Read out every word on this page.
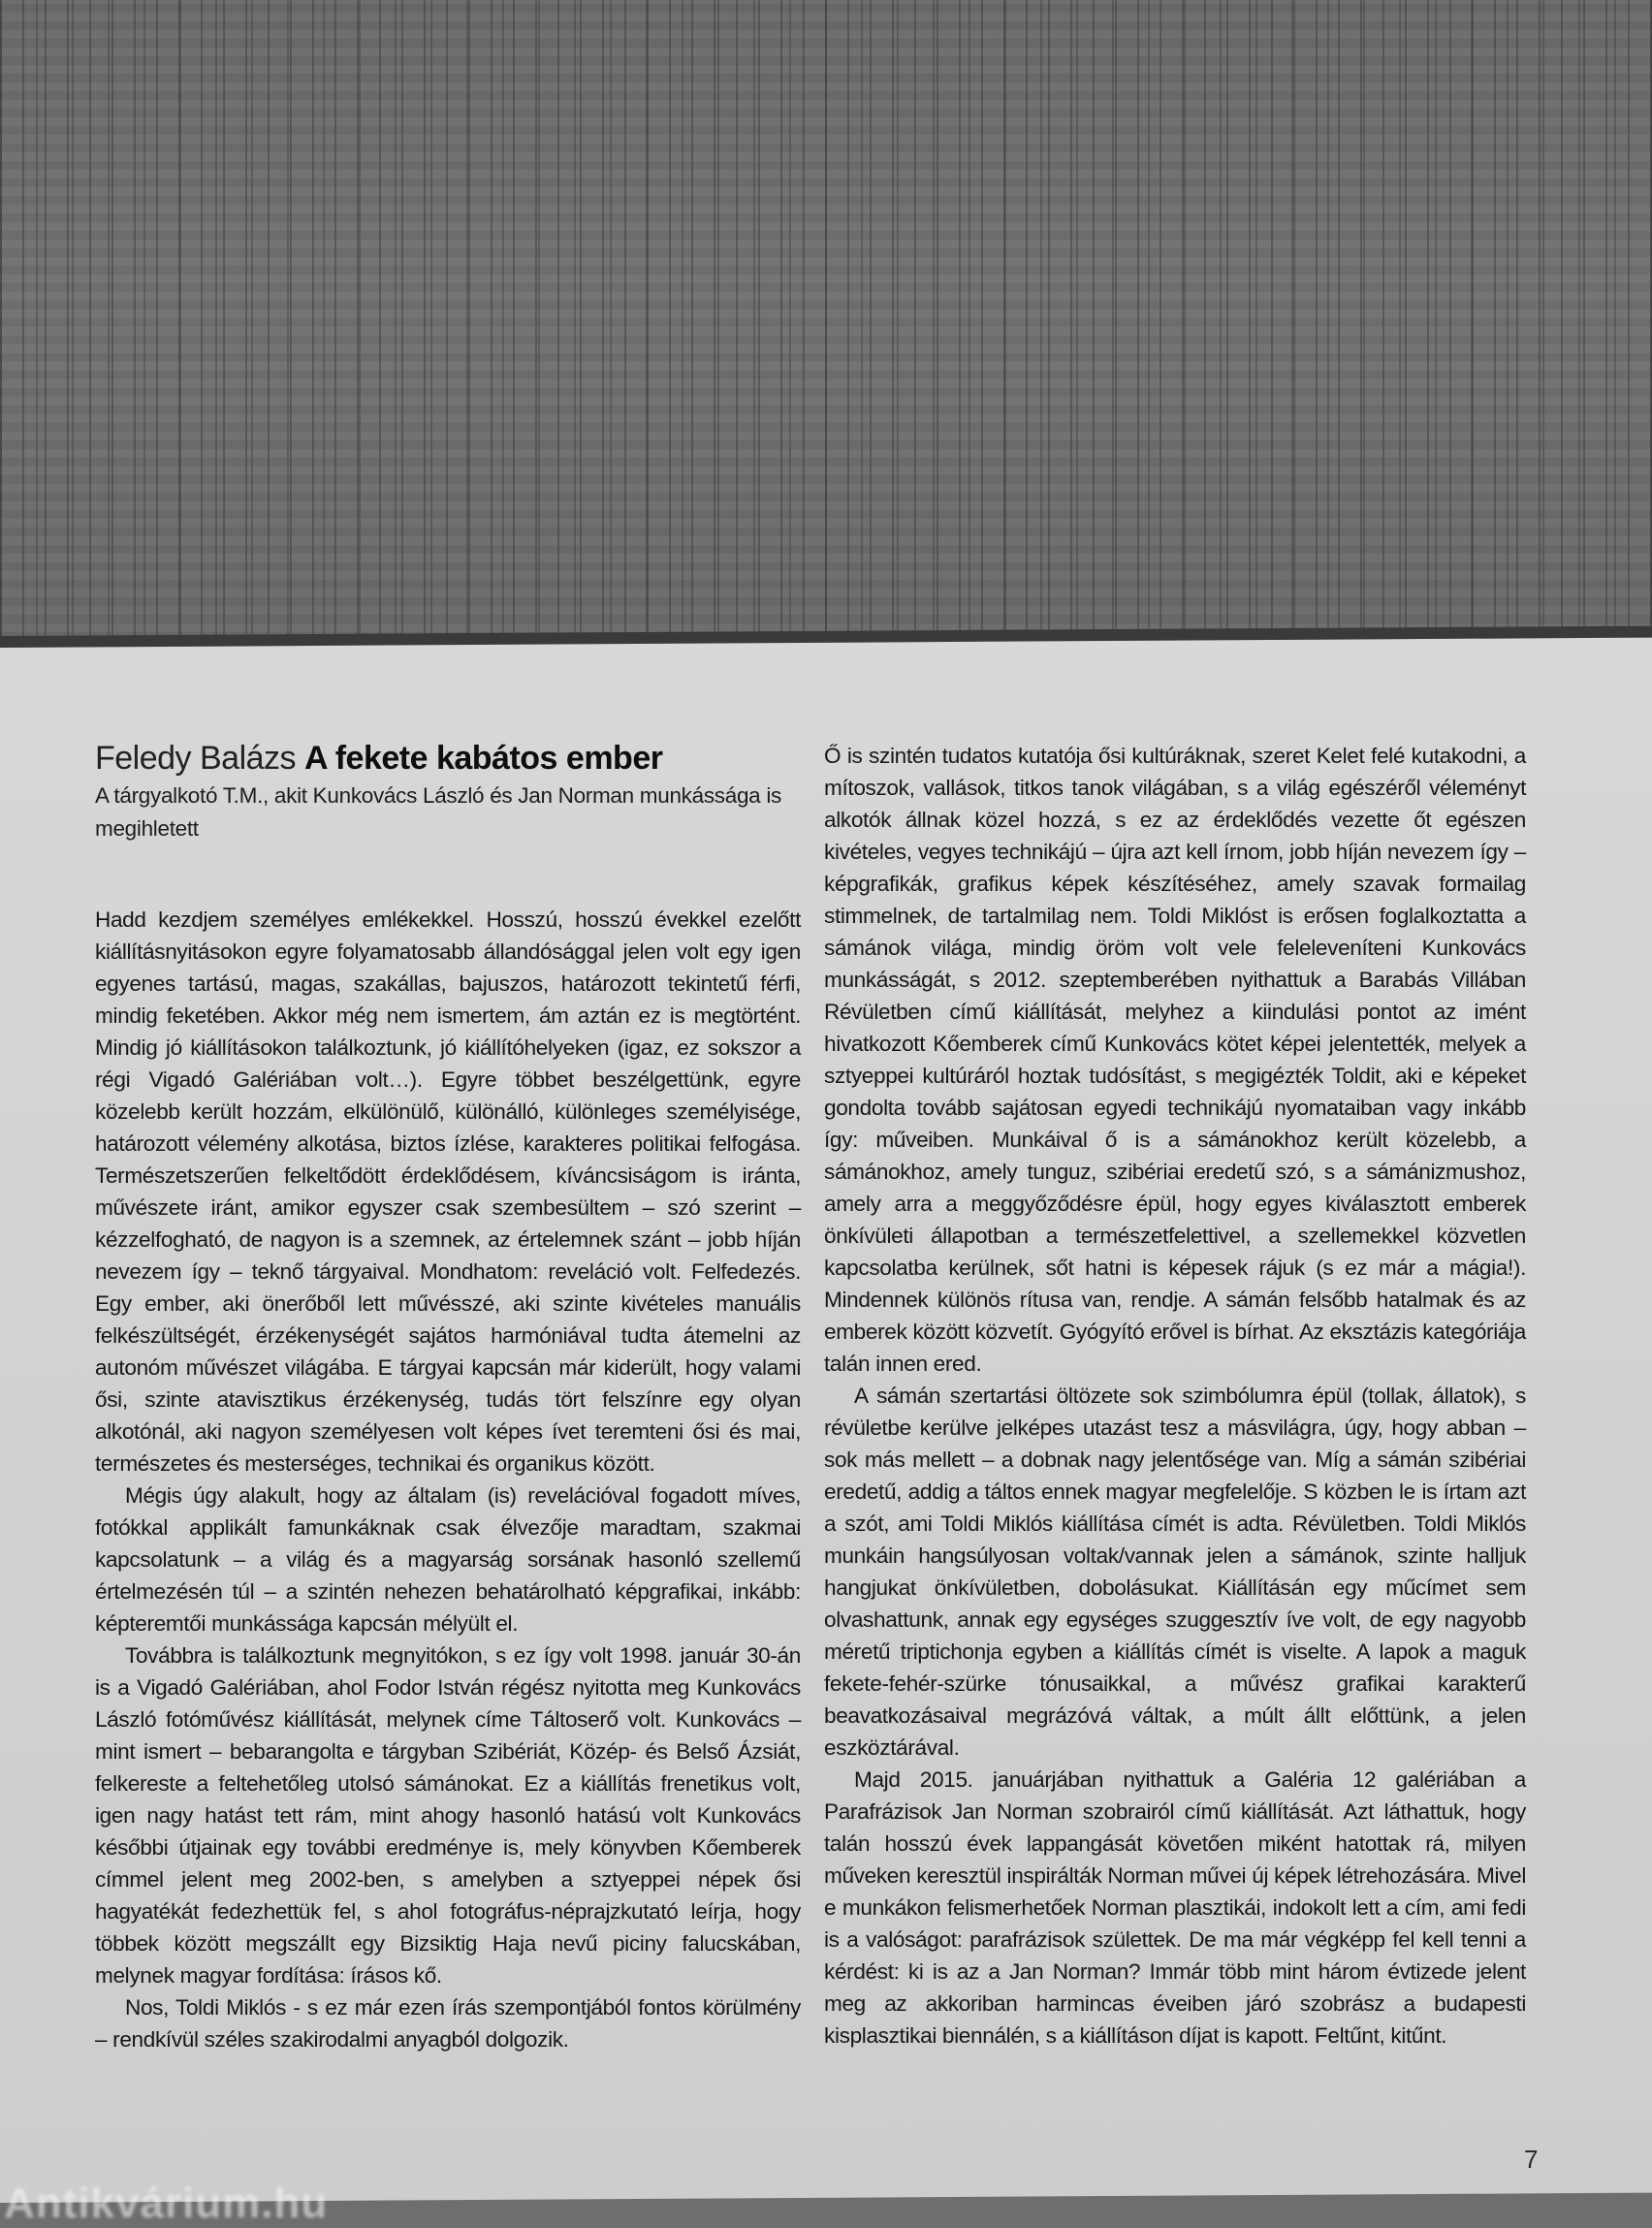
Feledy Balázs A fekete kabátos ember
A tárgyalkotó T.M., akit Kunkovács László és Jan Norman munkássága is megihletett

Hadd kezdjem személyes emlékekkel. Hosszú, hosszú évekkel ezelőtt kiállításnyitásokon egyre folyamatosabb állandósággal jelen volt egy igen egyenes tartású, magas, szakállas, bajuszos, határozott tekintetű férfi, mindig feketében. Akkor még nem ismertem, ám aztán ez is megtörtént. Mindig jó kiállításokon találkoztunk, jó kiállítóhelyeken (igaz, ez sokszor a régi Vigadó Galériában volt…). Egyre többet beszélgettünk, egyre közelebb került hozzám, elkülönülő, különálló, különleges személyisége, határozott vélemény alkotása, biztos ízlése, karakteres politikai felfogása. Természetszerűen felkeltődött érdeklődésem, kíváncsiságom is iránta, művészete iránt, amikor egyszer csak szembesültem – szó szerint – kézzelfogható, de nagyon is a szemnek, az értelemnek szánt – jobb híján nevezem így – teknő tárgyaival. Mondhatom: reveláció volt. Felfedezés. Egy ember, aki önerőből lett művésszé, aki szinte kivételes manuális felkészültségét, érzékenységét sajátos harmóniával tudta átemelni az autonóm művészet világába. E tárgyai kapcsán már kiderült, hogy valami ősi, szinte atavisztikus érzékenység, tudás tört felszínre egy olyan alkotónál, aki nagyon személyesen volt képes ívet teremteni ősi és mai, természetes és mesterséges, technikai és organikus között.

Mégis úgy alakult, hogy az általam (is) revelációval fogadott míves, fotókkal applikált famunkáknak csak élvezője maradtam, szakmai kapcsolatunk – a világ és a magyarság sorsának hasonló szellemű értelmezésén túl – a szintén nehezen behatárolható képgrafikai, inkább: képteremtői munkássága kapcsán mélyült el.

Továbbra is találkoztunk megnyitókon, s ez így volt 1998. január 30-án is a Vigadó Galériában, ahol Fodor István régész nyitotta meg Kunkovács László fotóművész kiállítását, melynek címe Táltoserő volt. Kunkovács – mint ismert – bebarangolta e tárgyban Szibériát, Közép- és Belső Ázsiát, felkereste a feltehetőleg utolsó sámánokat. Ez a kiállítás frenetikus volt, igen nagy hatást tett rám, mint ahogy hasonló hatású volt Kunkovács későbbi útjainak egy további eredménye is, mely könyvben Kőemberek címmel jelent meg 2002-ben, s amelyben a sztyeppei népek ősi hagyatékát fedezhettük fel, s ahol fotográfus-néprajzkutató leírja, hogy többek között megszállt egy Bizsiktig Haja nevű piciny falucskában, melynek magyar fordítása: írásos kő.

Nos, Toldi Miklós - s ez már ezen írás szempontjából fontos körülmény – rendkívül széles szakirodalmi anyagból dolgozik.

Ő is szintén tudatos kutatója ősi kultúráknak, szeret Kelet felé kutakodni, a mítoszok, vallások, titkos tanok világában, s a világ egészéről véleményt alkotók állnak közel hozzá, s ez az érdeklődés vezette őt egészen kivételes, vegyes technikájú – újra azt kell írnom, jobb híján nevezem így – képgrafikák, grafikus képek készítéséhez, amely szavak formailag stimmelnek, de tartalmilag nem. Toldi Miklóst is erősen foglalkoztatta a sámánok világa, mindig öröm volt vele feleleveníteni Kunkovács munkásságát, s 2012. szeptemberében nyithattuk a Barabás Villában Révületben című kiállítását, melyhez a kiindulási pontot az imént hivatkozott Kőemberek című Kunkovács kötet képei jelentették, melyek a sztyeppei kultúráról hoztak tudósítást, s megigézték Toldit, aki e képeket gondolta tovább sajátosan egyedi technikájú nyomataiban vagy inkább így: műveiben. Munkáival ő is a sámánokhoz került közelebb, a sámánokhoz, amely tunguz, szibériai eredetű szó, s a sámánizmushoz, amely arra a meggyőződésre épül, hogy egyes kiválasztott emberek önkívületi állapotban a természetfelettivel, a szellemekkel közvetlen kapcsolatba kerülnek, sőt hatni is képesek rájuk (s ez már a mágia!). Mindennek különös rítusa van, rendje. A sámán felsőbb hatalmak és az emberek között közvetít. Gyógyító erővel is bírhat. Az eksztázis kategóriája talán innen ered.

A sámán szertartási öltözete sok szimbólumra épül (tollak, állatok), s révületbe kerülve jelképes utazást tesz a másvilágra, úgy, hogy abban – sok más mellett – a dobnak nagy jelentősége van. Míg a sámán szibériai eredetű, addig a táltos ennek magyar megfelelője. S közben le is írtam azt a szót, ami Toldi Miklós kiállítása címét is adta. Révületben. Toldi Miklós munkáin hangsúlyosan voltak/vannak jelen a sámánok, szinte halljuk hangjukat önkívületben, dobolásukat. Kiállításán egy műcímet sem olvashattunk, annak egy egységes szuggesztív íve volt, de egy nagyobb méretű triptichonja egyben a kiállítás címét is viselte. A lapok a maguk fekete-fehér-szürke tónusaikkal, a művész grafikai karakterű beavatkozásaival megrázóvá váltak, a múlt állt előttünk, a jelen eszköztárával.

Majd 2015. januárjában nyithattuk a Galéria 12 galériában a Parafrázisok Jan Norman szobrairól című kiállítását. Azt láthattuk, hogy talán hosszú évek lappangását követően miként hatottak rá, milyen műveken keresztül inspirálták Norman művei új képek létrehozására. Mivel e munkákon felismerhetőek Norman plasztikái, indokolt lett a cím, ami fedi is a valóságot: parafrázisok születtek. De ma már végképp fel kell tenni a kérdést: ki is az a Jan Norman? Immár több mint három évtizede jelent meg az akkoriban harmincas éveiben járó szobrász a budapesti kisplasztikai biennálén, s a kiállításon díjat is kapott. Feltűnt, kitűnt.

7
Antikvárium.hu
